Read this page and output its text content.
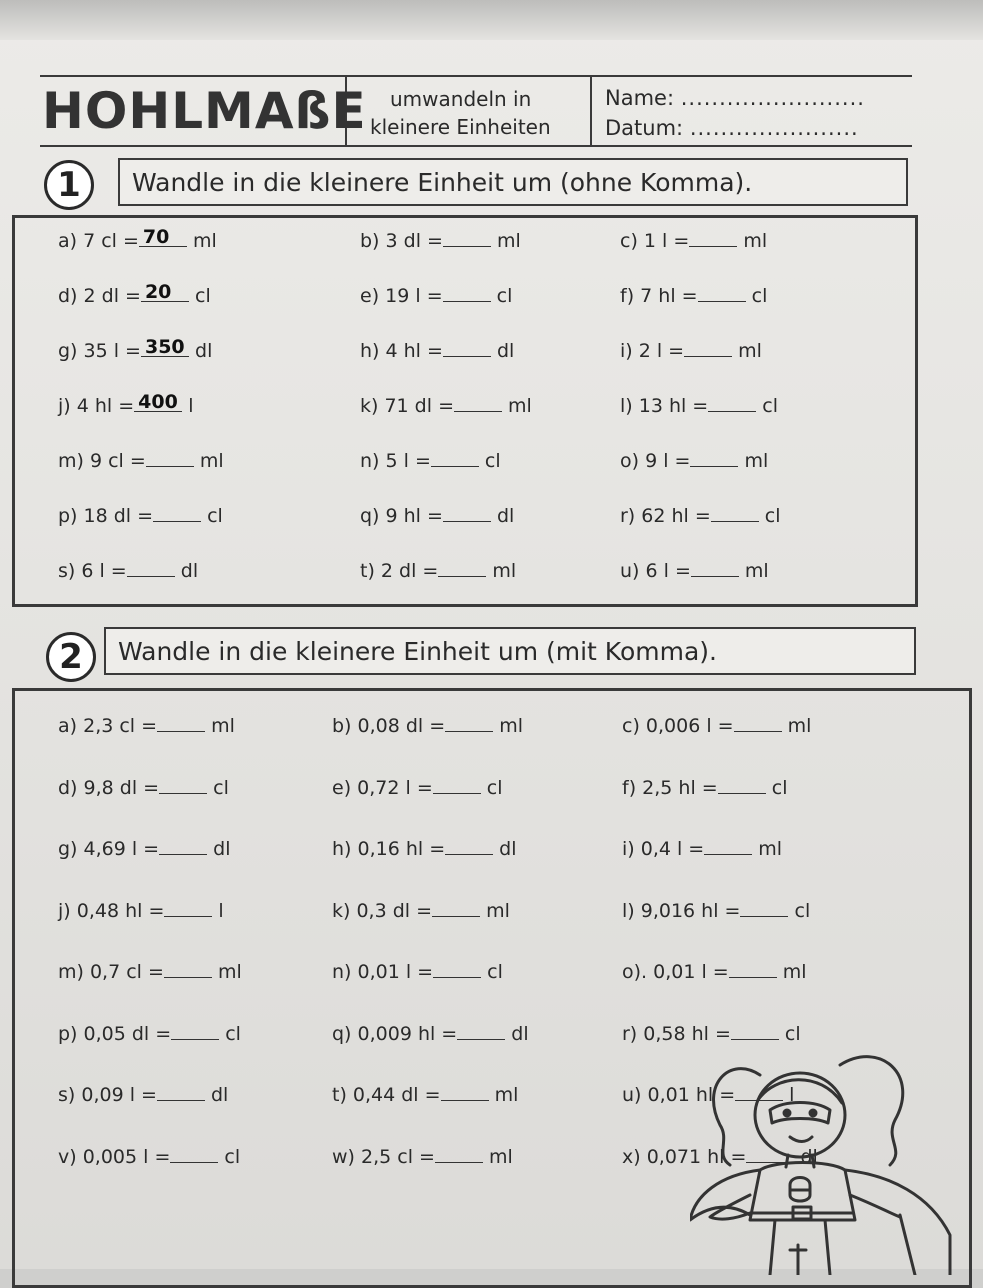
HOHLMAßE umwandeln in
kleinere Einheiten
Name: ........................
Datum: ......................
1	Wandle in die kleinere Einheit um (ohne Komma).
a) 7 cl = 70 ml	b) 3 dl =	ml	c) 1 l =	ml
d) 2 dl = 20 cl	e) 19 l =	cl	f) 7 hl =	cl
g) 35 l = 350 dl	h) 4 hl =	dl	i) 2 l =	ml
j) 4 hl = 400 l	k) 71 dl =	ml	l) 13 hl =	cl
m) 9 cl =	ml	n) 5 l =	cl	o) 9 l =	ml
p) 18 dl =	cl	q) 9 hl =	dl	r) 62 hl =	cl
s) 6 l =	dl	t) 2 dl =	ml	u) 6 l =	ml
2	Wandle in die kleinere Einheit um (mit Komma).
a) 2,3 cl =	ml	b) 0,08 dl =	ml	c) 0,006 l =	ml
d) 9,8 dl =	cl	e) 0,72 l =	cl	f) 2,5 hl =	cl
g) 4,69 l =	dl	h) 0,16 hl =	dl	i) 0,4 l =	ml
j) 0,48 hl =	l	k) 0,3 dl =	ml	l) 9,016 hl =	cl
m) 0,7 cl =	ml	n) 0,01 l =	cl	o). 0,01 l =	ml
p) 0,05 dl =	cl	q) 0,009 hl =	dl	r) 0,58 hl =	cl
s) 0,09 l =	dl	t) 0,44 dl =	ml	u) 0,01 hl =	l
v) 0,005 l =	cl	w) 2,5 cl =	ml	x) 0,071 hl =	dl
